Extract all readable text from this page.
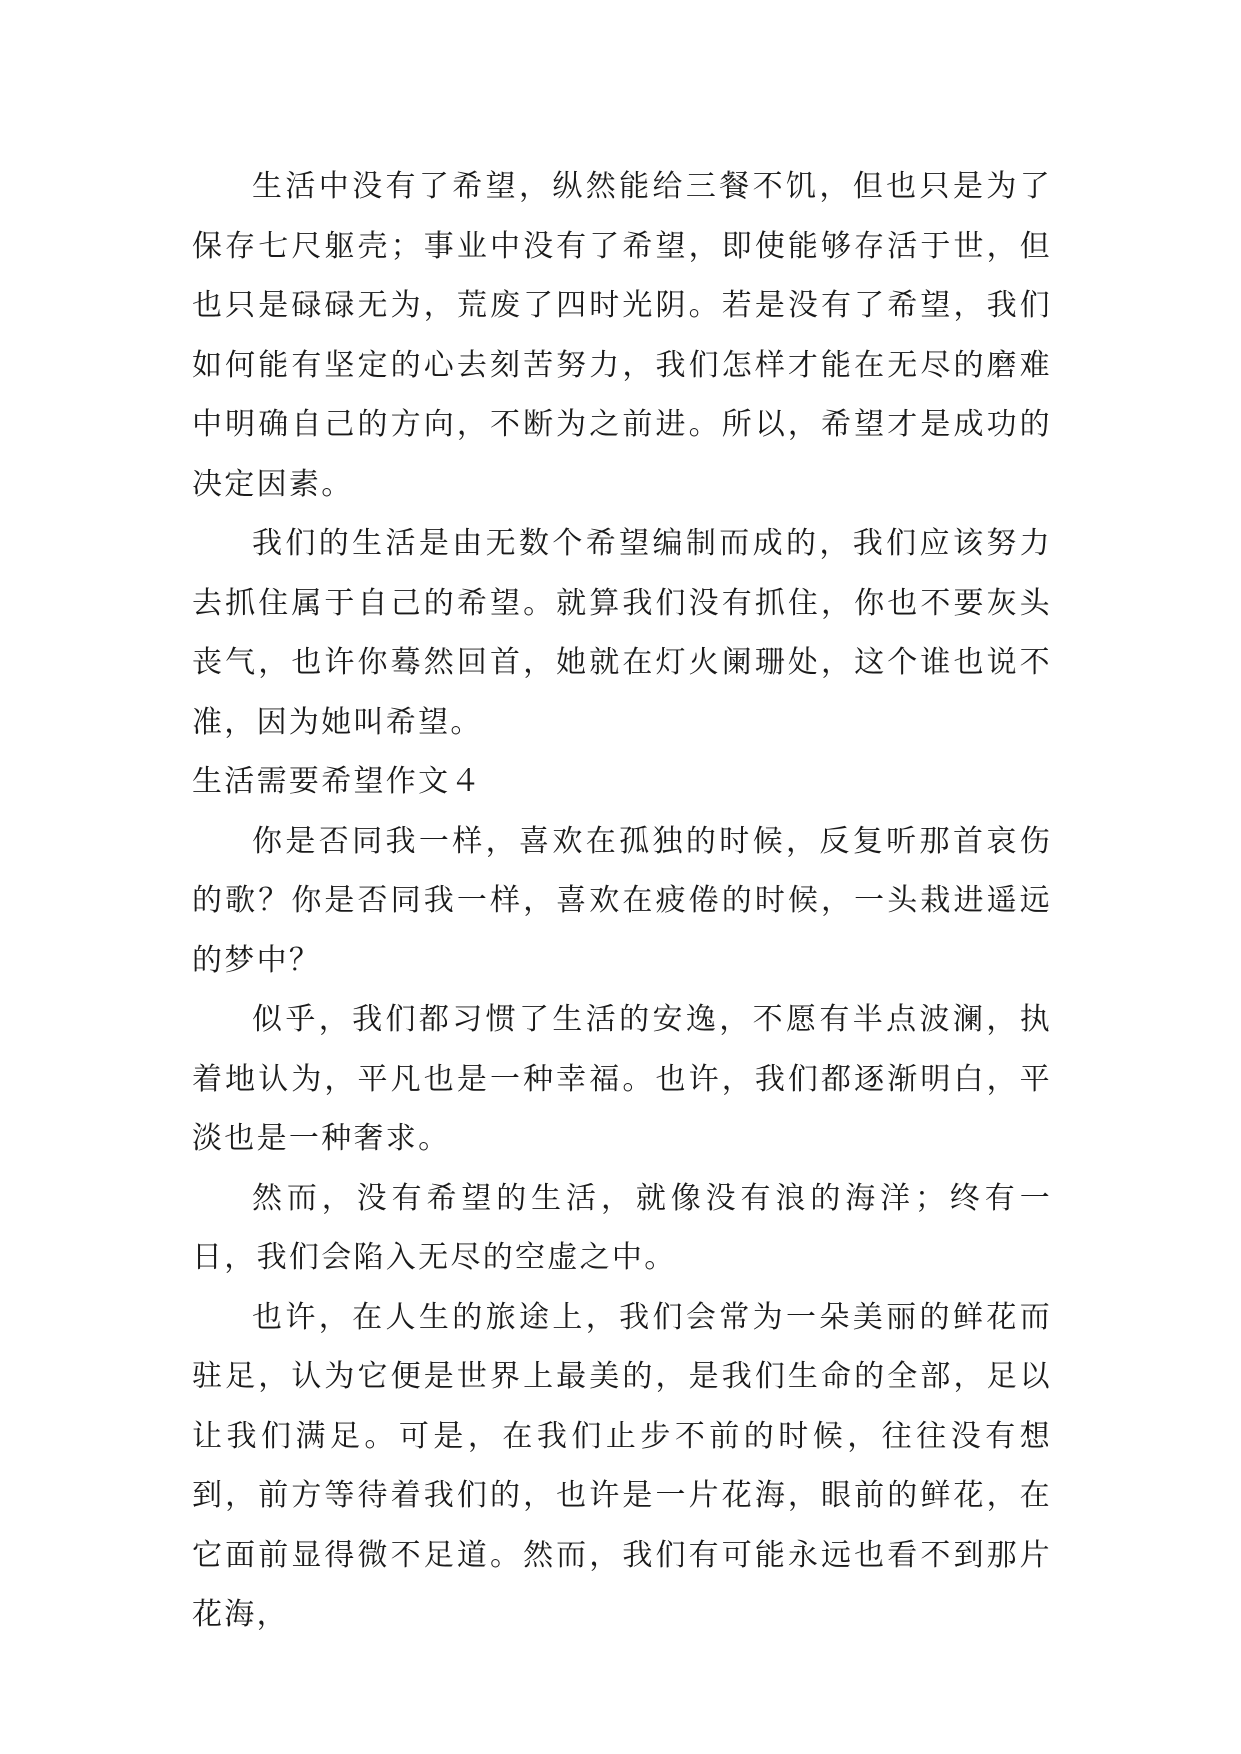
生活中没有了希望，纵然能给三餐不饥，但也只是为了保存七尺躯壳；事业中没有了希望，即使能够存活于世，但也只是碌碌无为，荒废了四时光阴。若是没有了希望，我们如何能有坚定的心去刻苦努力，我们怎样才能在无尽的磨难中明确自己的方向，不断为之前进。所以，希望才是成功的决定因素。

我们的生活是由无数个希望编制而成的，我们应该努力去抓住属于自己的希望。就算我们没有抓住，你也不要灰头丧气，也许你蓦然回首，她就在灯火阑珊处，这个谁也说不准，因为她叫希望。

生活需要希望作文４

你是否同我一样，喜欢在孤独的时候，反复听那首哀伤的歌？你是否同我一样，喜欢在疲倦的时候，一头栽进遥远的梦中？

似乎，我们都习惯了生活的安逸，不愿有半点波澜，执着地认为，平凡也是一种幸福。也许，我们都逐渐明白，平淡也是一种奢求。

然而，没有希望的生活，就像没有浪的海洋；终有一日，我们会陷入无尽的空虚之中。

也许，在人生的旅途上，我们会常为一朵美丽的鲜花而驻足，认为它便是世界上最美的，是我们生命的全部，足以让我们满足。可是，在我们止步不前的时候，往往没有想到，前方等待着我们的，也许是一片花海，眼前的鲜花，在它面前显得微不足道。然而，我们有可能永远也看不到那片花海，
